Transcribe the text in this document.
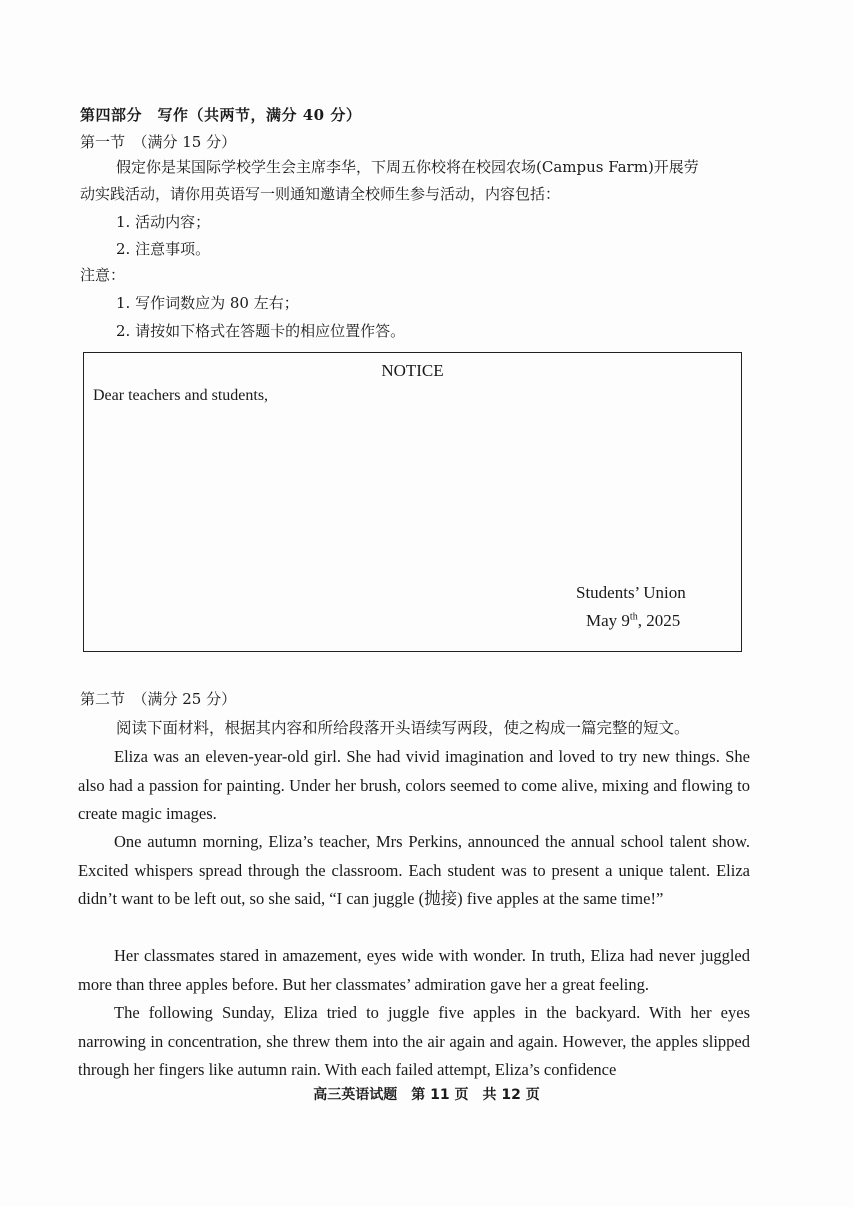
第四部分　写作（共两节，满分 40 分）
第一节　（满分 15 分）
假定你是某国际学校学生会主席李华，下周五你校将在校园农场(Campus Farm)开展劳
动实践活动，请你用英语写一则通知邀请全校师生参与活动，内容包括：
1. 活动内容；
2. 注意事项。
注意：
1. 写作词数应为 80 左右；
2. 请按如下格式在答题卡的相应位置作答。
NOTICE
Dear teachers and students,
Students’ Union
May 9th, 2025
第二节　（满分 25 分）
阅读下面材料，根据其内容和所给段落开头语续写两段，使之构成一篇完整的短文。
Eliza was an eleven-year-old girl. She had vivid imagination and loved to try new things. She also had a passion for painting. Under her brush, colors seemed to come alive, mixing and flowing to create magic images.
One autumn morning, Eliza’s teacher, Mrs Perkins, announced the annual school talent show. Excited whispers spread through the classroom. Each student was to present a unique talent. Eliza didn’t want to be left out, so she said, “I can juggle (抛接) five apples at the same time!”
Her classmates stared in amazement, eyes wide with wonder. In truth, Eliza had never juggled more than three apples before. But her classmates’ admiration gave her a great feeling.
The following Sunday, Eliza tried to juggle five apples in the backyard. With her eyes narrowing in concentration, she threw them into the air again and again. However, the apples slipped through her fingers like autumn rain. With each failed attempt, Eliza’s confidence
高三英语试题　第 11 页　共 12 页
